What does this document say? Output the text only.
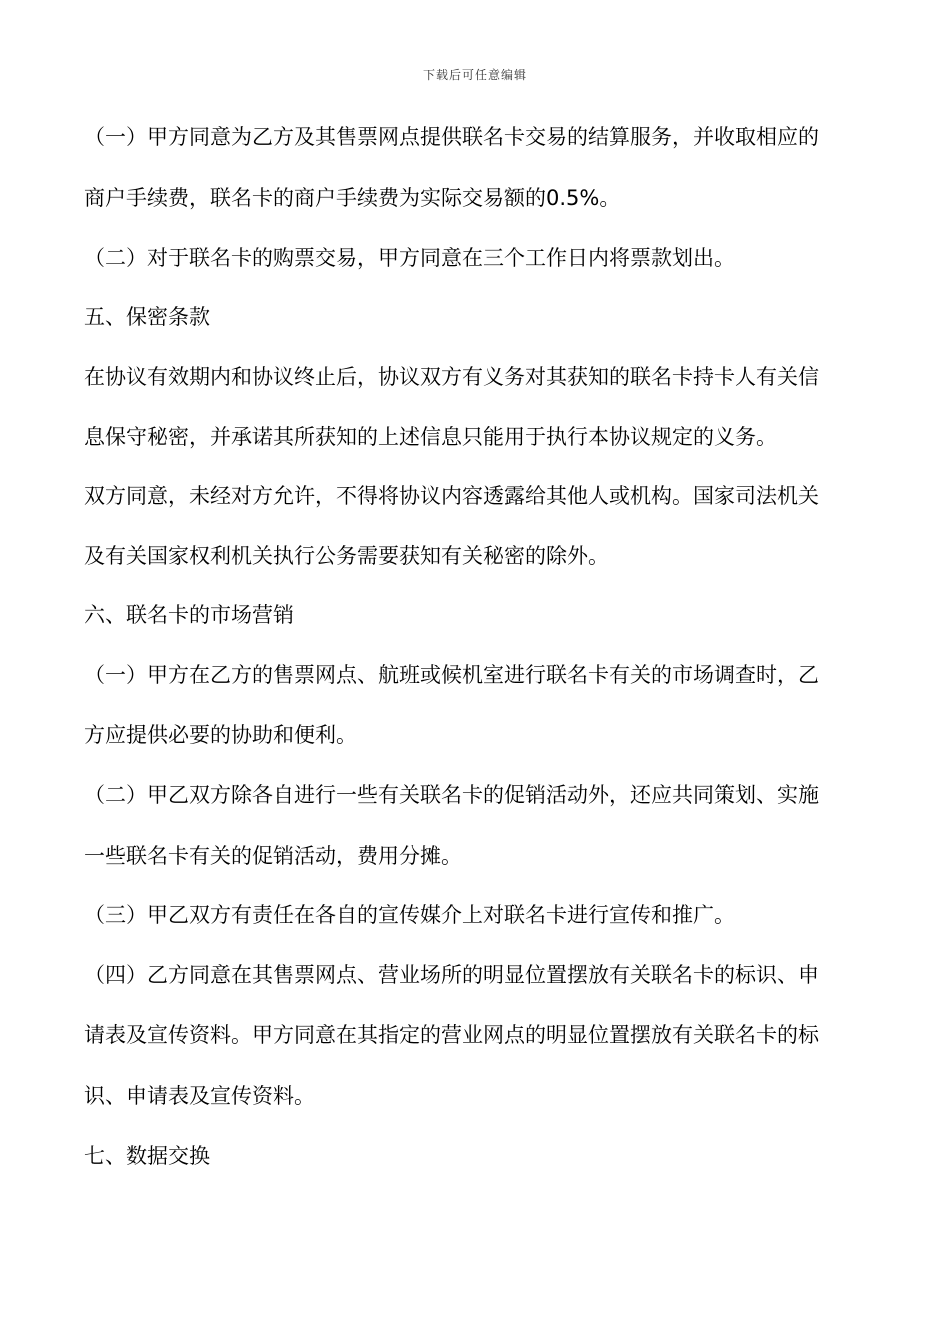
下载后可任意编辑
（一）甲方同意为乙方及其售票网点提供联名卡交易的结算服务，并收取相应的
商户手续费，联名卡的商户手续费为实际交易额的0.5%。
（二）对于联名卡的购票交易，甲方同意在三个工作日内将票款划出。
五、保密条款
在协议有效期内和协议终止后，协议双方有义务对其获知的联名卡持卡人有关信
息保守秘密，并承诺其所获知的上述信息只能用于执行本协议规定的义务。
双方同意，未经对方允许，不得将协议内容透露给其他人或机构。国家司法机关
及有关国家权利机关执行公务需要获知有关秘密的除外。
六、联名卡的市场营销
（一）甲方在乙方的售票网点、航班或候机室进行联名卡有关的市场调查时，乙
方应提供必要的协助和便利。
（二）甲乙双方除各自进行一些有关联名卡的促销活动外，还应共同策划、实施
一些联名卡有关的促销活动，费用分摊。
（三）甲乙双方有责任在各自的宣传媒介上对联名卡进行宣传和推广。
（四）乙方同意在其售票网点、营业场所的明显位置摆放有关联名卡的标识、申
请表及宣传资料。甲方同意在其指定的营业网点的明显位置摆放有关联名卡的标
识、申请表及宣传资料。
七、数据交换
